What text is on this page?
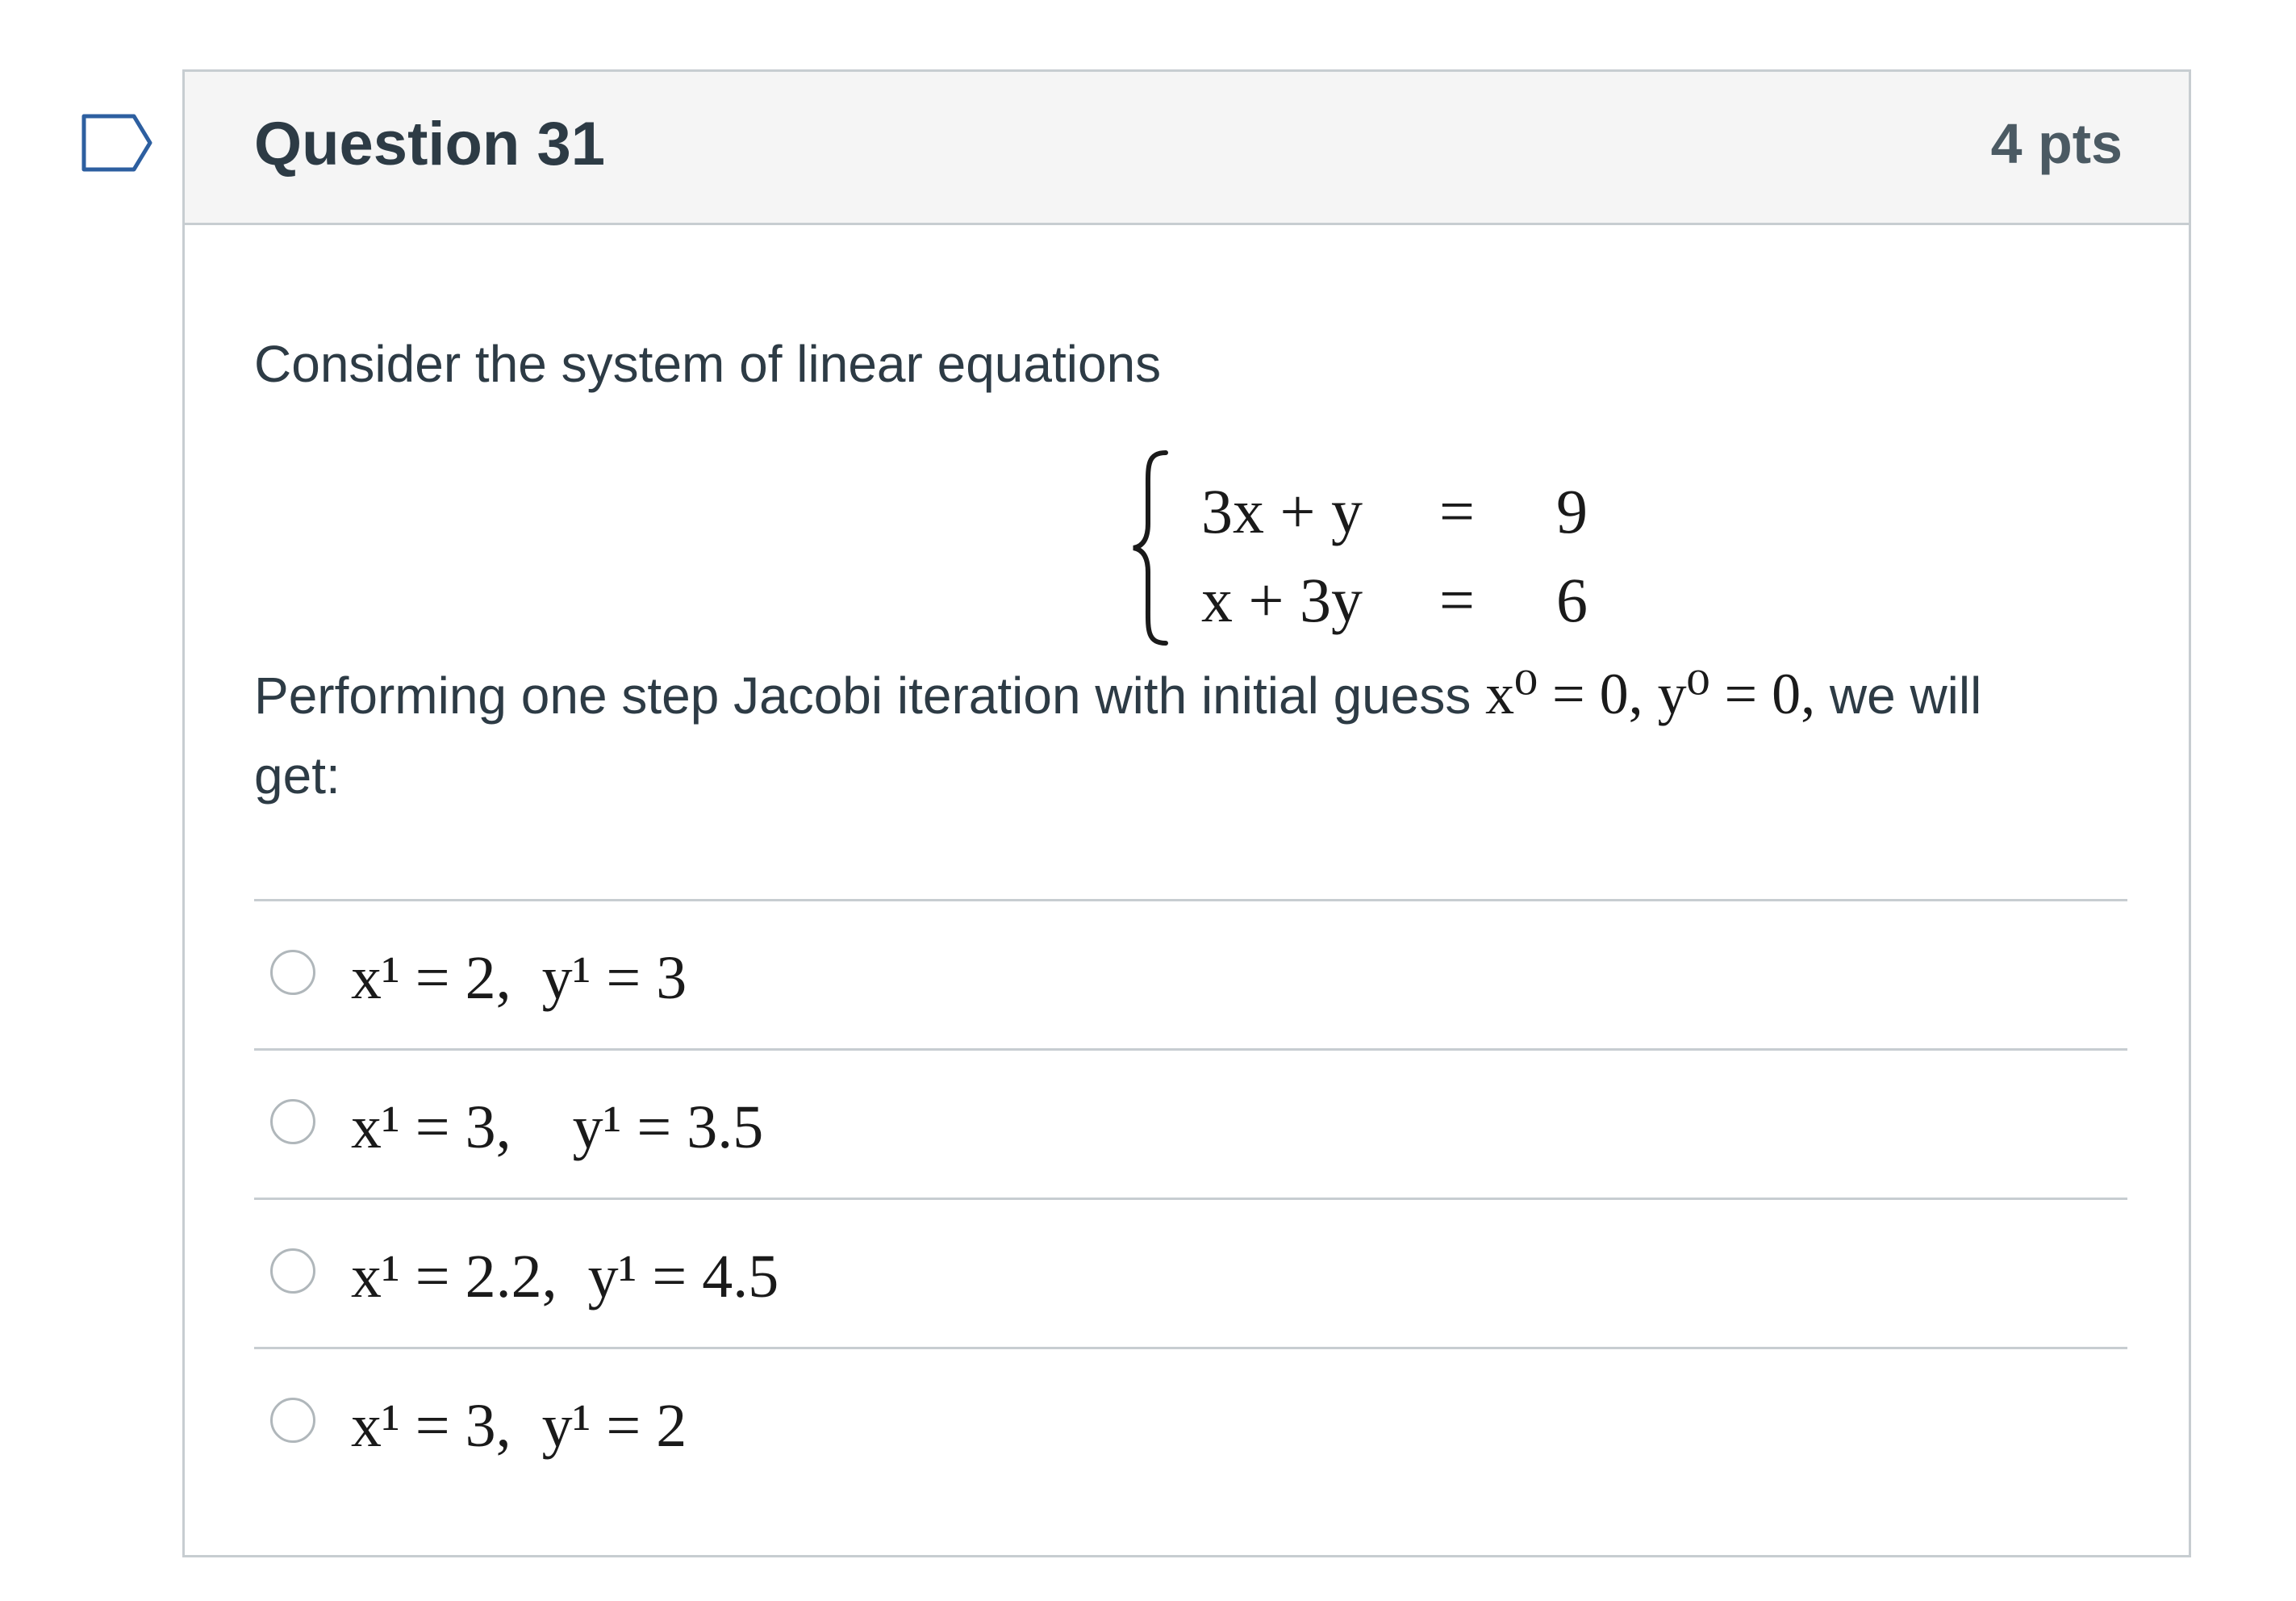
Question 31	4 pts
Consider the system of linear equations
3x + y = 9
x + 3y = 6
Performing one step Jacobi iteration with initial guess x⁰ = 0, y⁰ = 0, we will
get:
x¹ = 2,  y¹ = 3
x¹ = 3,    y¹ = 3.5
x¹ = 2.2,  y¹ = 4.5
x¹ = 3,  y¹ = 2
